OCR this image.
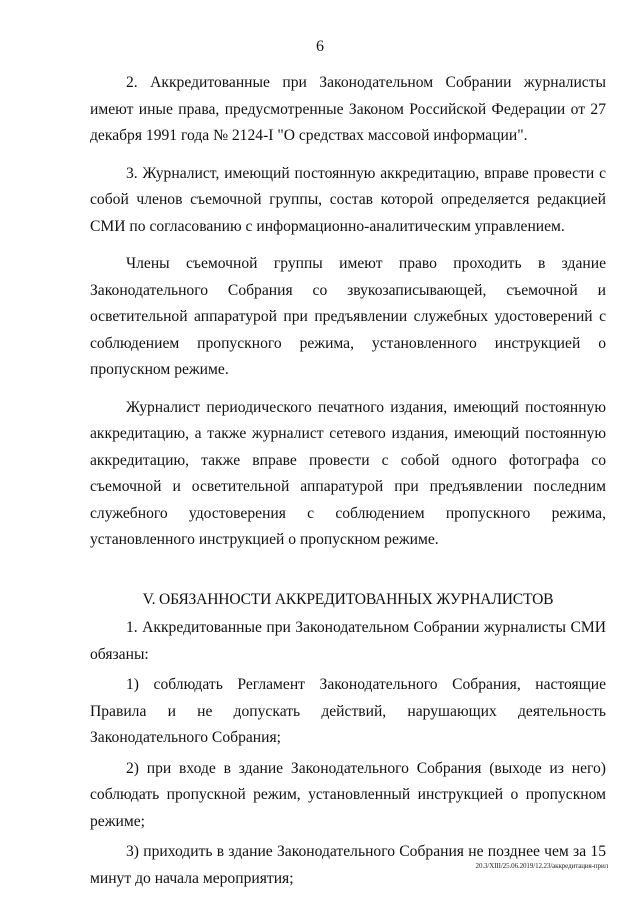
6

2. Аккредитованные при Законодательном Собрании журналисты имеют иные права, предусмотренные Законом Российской Федерации от 27 декабря 1991 года № 2124-I "О средствах массовой информации".

3. Журналист, имеющий постоянную аккредитацию, вправе провести с собой членов съемочной группы, состав которой определяется редакцией СМИ по согласованию с информационно-аналитическим управлением.

Члены съемочной группы имеют право проходить в здание Законодательного Собрания со звукозаписывающей, съемочной и осветительной аппаратурой при предъявлении служебных удостоверений с соблюдением пропускного режима, установленного инструкцией о пропускном режиме.

Журналист периодического печатного издания, имеющий постоянную аккредитацию, а также журналист сетевого издания, имеющий постоянную аккредитацию, также вправе провести с собой одного фотографа со съемочной и осветительной аппаратурой при предъявлении последним служебного удостоверения с соблюдением пропускного режима, установленного инструкцией о пропускном режиме.

V. ОБЯЗАННОСТИ АККРЕДИТОВАННЫХ ЖУРНАЛИСТОВ

1. Аккредитованные при Законодательном Собрании журналисты СМИ обязаны:

1) соблюдать Регламент Законодательного Собрания, настоящие Правила и не допускать действий, нарушающих деятельность Законодательного Собрания;

2) при входе в здание Законодательного Собрания (выходе из него) соблюдать пропускной режим, установленный инструкцией о пропускном режиме;

3) приходить в здание Законодательного Собрания не позднее чем за 15 минут до начала мероприятия;

20.3/XIII/25.06.2019/12.23/аккредитация-прил
